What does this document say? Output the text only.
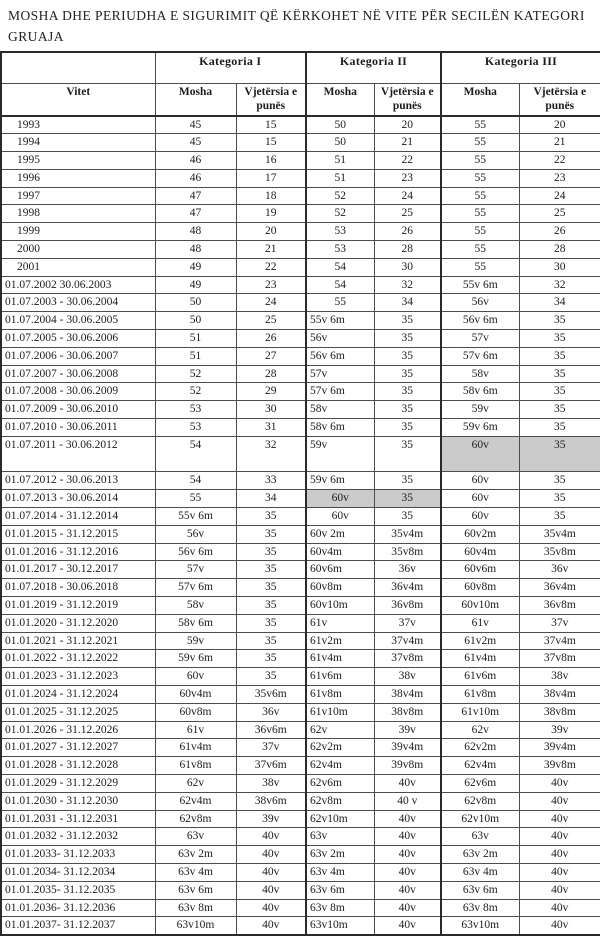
MOSHA DHE PERIUDHA E SIGURIMIT QË KËRKOHET NË VITE PËR SECILËN KATEGORI
GRUAJA
	Kategoria I		Kategoria II		Kategoria III	
Vitet	Mosha	Vjetërsia e punës	Mosha	Vjetërsia e punës	Mosha	Vjetërsia e punës
1993	45	15	50	20	55	20
1994	45	15	50	21	55	21
1995	46	16	51	22	55	22
1996	46	17	51	23	55	23
1997	47	18	52	24	55	24
1998	47	19	52	25	55	25
1999	48	20	53	26	55	26
2000	48	21	53	28	55	28
2001	49	22	54	30	55	30
01.07.2002 30.06.2003	49	23	54	32	55v 6m	32
01.07.2003 - 30.06.2004	50	24	55	34	56v	34
01.07.2004 - 30.06.2005	50	25	55v 6m	35	56v 6m	35
01.07.2005 - 30.06.2006	51	26	56v	35	57v	35
01.07.2006 - 30.06.2007	51	27	56v 6m	35	57v 6m	35
01.07.2007 - 30.06.2008	52	28	57v	35	58v	35
01.07.2008 - 30.06.2009	52	29	57v 6m	35	58v 6m	35
01.07.2009 - 30.06.2010	53	30	58v	35	59v	35
01.07.2010 - 30.06.2011	53	31	58v 6m	35	59v 6m	35
01.07.2011 - 30.06.2012	54	32	59v	35	60v	35
01.07.2012 - 30.06.2013	54	33	59v 6m	35	60v	35
01.07.2013 - 30.06.2014	55	34	60v	35	60v	35
01.07.2014 - 31.12.2014	55v 6m	35	60v	35	60v	35
01.01.2015 - 31.12.2015	56v	35	60v 2m	35v4m	60v2m	35v4m
01.01.2016 - 31.12.2016	56v 6m	35	60v4m	35v8m	60v4m	35v8m
01.01.2017 - 30.12.2017	57v	35	60v6m	36v	60v6m	36v
01.07.2018 - 30.06.2018	57v 6m	35	60v8m	36v4m	60v8m	36v4m
01.01.2019 - 31.12.2019	58v	35	60v10m	36v8m	60v10m	36v8m
01.01.2020 - 31.12.2020	58v 6m	35	61v	37v	61v	37v
01.01.2021 - 31.12.2021	59v	35	61v2m	37v4m	61v2m	37v4m
01.01.2022 - 31.12.2022	59v 6m	35	61v4m	37v8m	61v4m	37v8m
01.01.2023 - 31.12.2023	60v	35	61v6m	38v	61v6m	38v
01.01.2024 - 31.12.2024	60v4m	35v6m	61v8m	38v4m	61v8m	38v4m
01.01.2025 - 31.12.2025	60v8m	36v	61v10m	38v8m	61v10m	38v8m
01.01.2026 - 31.12.2026	61v	36v6m	62v	39v	62v	39v
01.01.2027 - 31.12.2027	61v4m	37v	62v2m	39v4m	62v2m	39v4m
01.01.2028 - 31.12.2028	61v8m	37v6m	62v4m	39v8m	62v4m	39v8m
01.01.2029 - 31.12.2029	62v	38v	62v6m	40v	62v6m	40v
01.01.2030 - 31.12.2030	62v4m	38v6m	62v8m	40 v	62v8m	40v
01.01.2031 - 31.12.2031	62v8m	39v	62v10m	40v	62v10m	40v
01.01.2032 - 31.12.2032	63v	40v	63v	40v	63v	40v
01.01.2033- 31.12.2033	63v 2m	40v	63v 2m	40v	63v 2m	40v
01.01.2034- 31.12.2034	63v 4m	40v	63v 4m	40v	63v 4m	40v
01.01.2035- 31.12.2035	63v 6m	40v	63v 6m	40v	63v 6m	40v
01.01.2036- 31.12.2036	63v 8m	40v	63v 8m	40v	63v 8m	40v
01.01.2037- 31.12.2037	63v10m	40v	63v10m	40v	63v10m	40v
